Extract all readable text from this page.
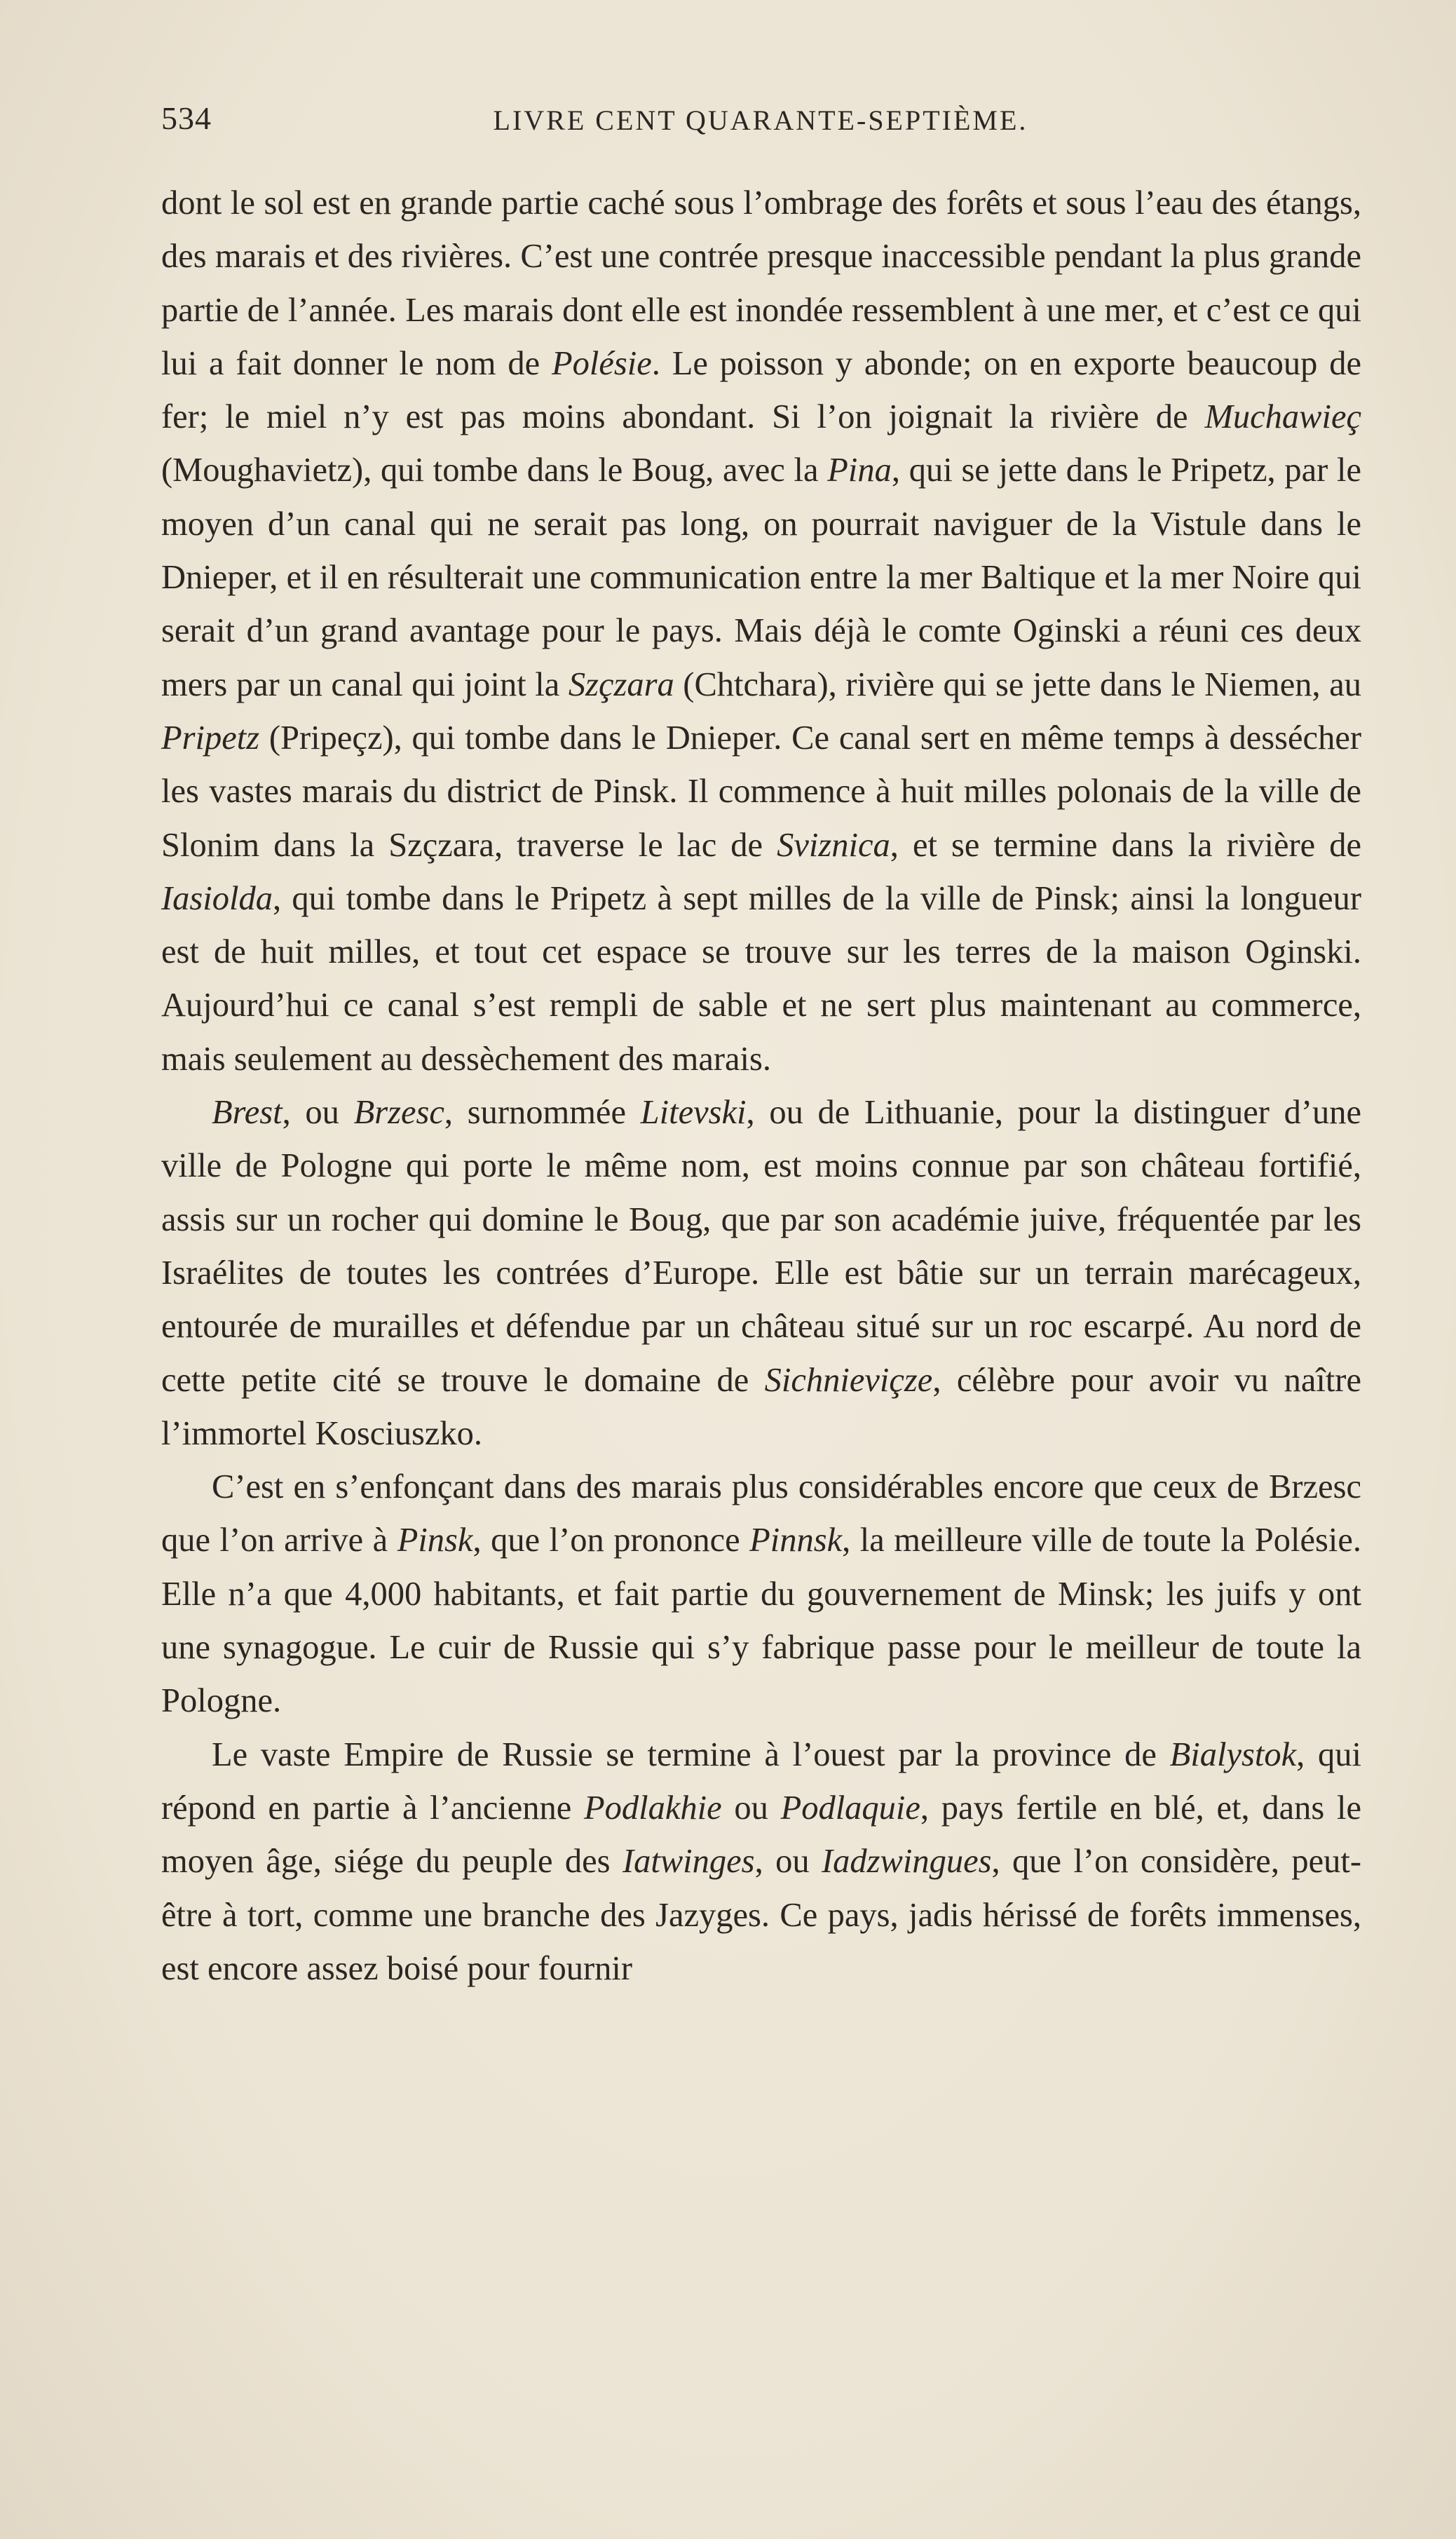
534	LIVRE CENT QUARANTE-SEPTIÈME.

dont le sol est en grande partie caché sous l’ombrage des forêts et sous l’eau des étangs, des marais et des rivières. C’est une contrée presque inaccessible pendant la plus grande partie de l’année. Les marais dont elle est inondée ressemblent à une mer, et c’est ce qui lui a fait donner le nom de Polésie. Le poisson y abonde; on en exporte beaucoup de fer; le miel n’y est pas moins abondant. Si l’on joignait la rivière de Muchawieç (Moughavietz), qui tombe dans le Boug, avec la Pina, qui se jette dans le Pripetz, par le moyen d’un canal qui ne serait pas long, on pourrait naviguer de la Vistule dans le Dnieper, et il en résulterait une communication entre la mer Baltique et la mer Noire qui serait d’un grand avantage pour le pays. Mais déjà le comte Oginski a réuni ces deux mers par un canal qui joint la Szçzara (Chtchara), rivière qui se jette dans le Niemen, au Pripetz (Pripeçz), qui tombe dans le Dnieper. Ce canal sert en même temps à dessécher les vastes marais du district de Pinsk. Il commence à huit milles polonais de la ville de Slonim dans la Szçzara, traverse le lac de Sviznica, et se termine dans la rivière de Iasiolda, qui tombe dans le Pripetz à sept milles de la ville de Pinsk; ainsi la longueur est de huit milles, et tout cet espace se trouve sur les terres de la maison Oginski. Aujourd’hui ce canal s’est rempli de sable et ne sert plus maintenant au commerce, mais seulement au dessèchement des marais.

Brest, ou Brzesc, surnommée Litevski, ou de Lithuanie, pour la distinguer d’une ville de Pologne qui porte le même nom, est moins connue par son château fortifié, assis sur un rocher qui domine le Boug, que par son académie juive, fréquentée par les Israélites de toutes les contrées d’Europe. Elle est bâtie sur un terrain marécageux, entourée de murailles et défendue par un château situé sur un roc escarpé. Au nord de cette petite cité se trouve le domaine de Sichnieviçze, célèbre pour avoir vu naître l’immortel Kosciuszko.

C’est en s’enfonçant dans des marais plus considérables encore que ceux de Brzesc que l’on arrive à Pinsk, que l’on prononce Pinnsk, la meilleure ville de toute la Polésie. Elle n’a que 4,000 habitants, et fait partie du gouvernement de Minsk; les juifs y ont une synagogue. Le cuir de Russie qui s’y fabrique passe pour le meilleur de toute la Pologne.

Le vaste Empire de Russie se termine à l’ouest par la province de Bialystok, qui répond en partie à l’ancienne Podlakhie ou Podlaquie, pays fertile en blé, et, dans le moyen âge, siége du peuple des Iatwinges, ou Iadzwingues, que l’on considère, peut-être à tort, comme une branche des Jazyges. Ce pays, jadis hérissé de forêts immenses, est encore assez boisé pour fournir
